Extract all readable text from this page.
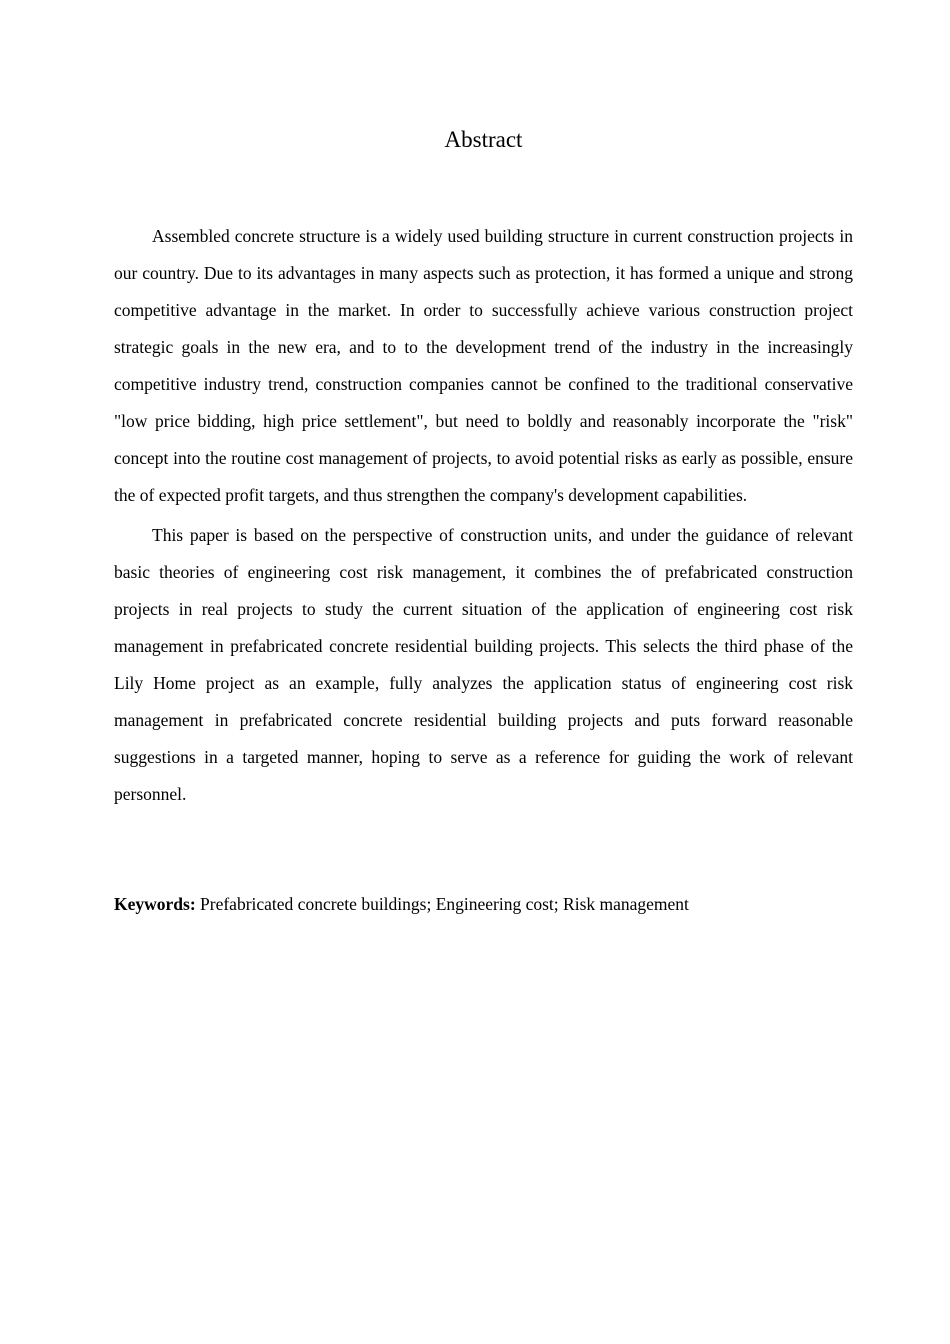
Abstract

Assembled concrete structure is a widely used building structure in current construction projects in our country. Due to its advantages in many aspects such as protection, it has formed a unique and strong competitive advantage in the market. In order to successfully achieve various construction project strategic goals in the new era, and to to the development trend of the industry in the increasingly competitive industry trend, construction companies cannot be confined to the traditional conservative "low price bidding, high price settlement", but need to boldly and reasonably incorporate the "risk" concept into the routine cost management of projects, to avoid potential risks as early as possible, ensure the of expected profit targets, and thus strengthen the company's development capabilities.

This paper is based on the perspective of construction units, and under the guidance of relevant basic theories of engineering cost risk management, it combines the of prefabricated construction projects in real projects to study the current situation of the application of engineering cost risk management in prefabricated concrete residential building projects. This selects the third phase of the Lily Home project as an example, fully analyzes the application status of engineering cost risk management in prefabricated concrete residential building projects and puts forward reasonable suggestions in a targeted manner, hoping to serve as a reference for guiding the work of relevant personnel.

Keywords: Prefabricated concrete buildings; Engineering cost; Risk management
